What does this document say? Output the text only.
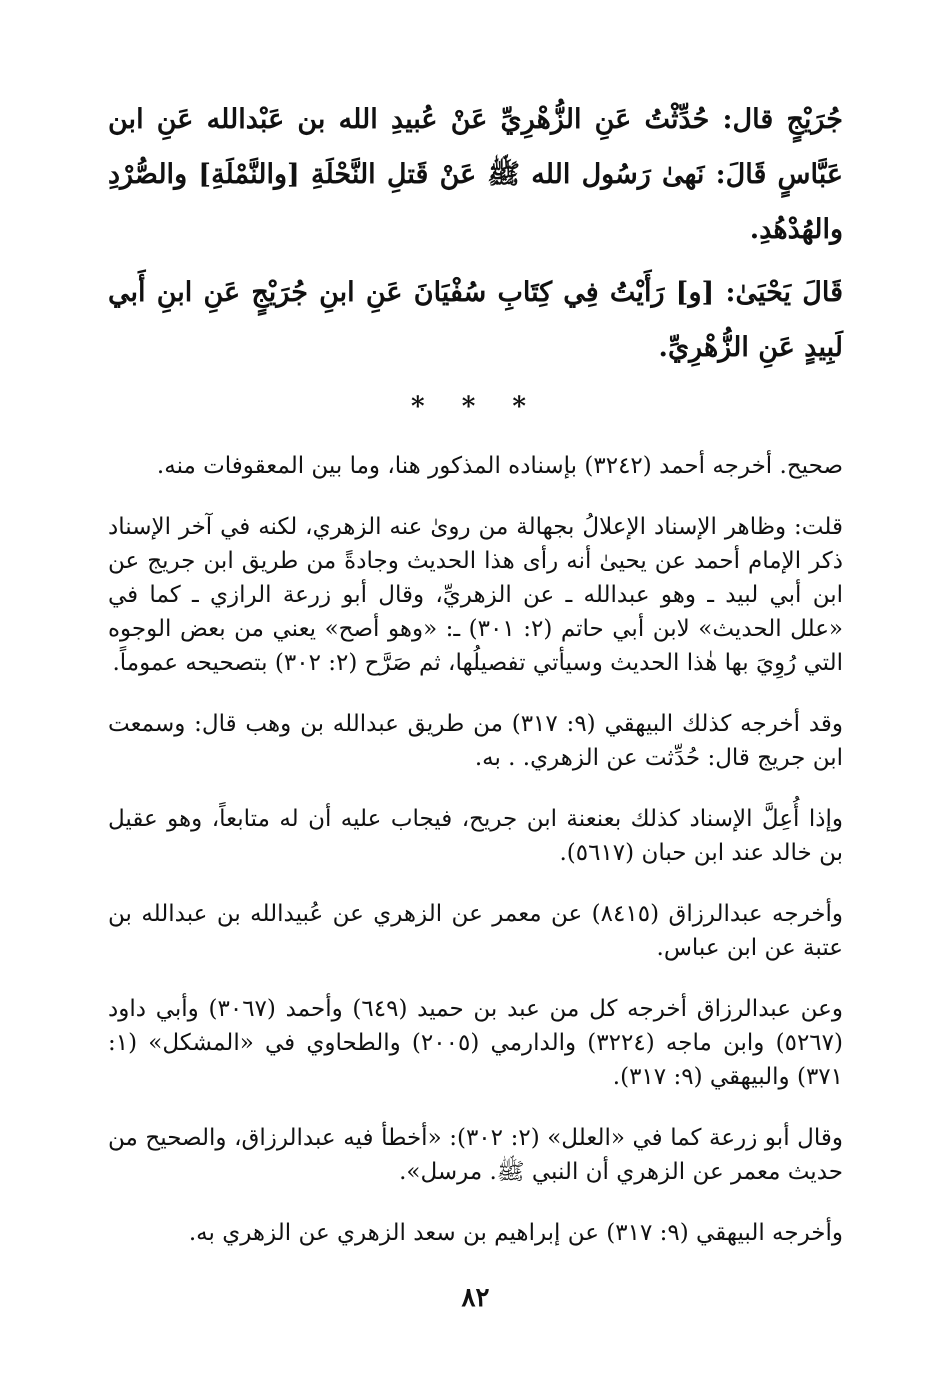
جُرَيْجٍ قال: حُدِّثْتُ عَنِ الزُّهْرِيِّ عَنْ عُبيدِ الله بن عَبْدالله عَنِ ابن عَبَّاسٍ قَالَ: نَهىٰ رَسُول الله ﷺ عَنْ قَتلِ النَّحْلَةِ [والنَّمْلَةِ] والصُّرْدِ والهُدْهُدِ.

قَالَ يَحْيَىٰ: [و] رَأَيْتُ فِي كِتَابِ سُفْيَانَ عَنِ ابنِ جُرَيْجٍ عَنِ ابنِ أَبي لَبِيدٍ عَنِ الزُّهْرِيِّ.

* * *

صحيح. أخرجه أحمد (٣٢٤٢) بإسناده المذكور هنا، وما بين المعقوفات منه.

قلت: وظاهر الإسناد الإعلالُ بجهالة من روىٰ عنه الزهري، لكنه في آخر الإسناد ذكر الإمام أحمد عن يحيىٰ أنه رأى هذا الحديث وجادةً من طريق ابن جريج عن ابن أبي لبيد ـ وهو عبدالله ـ عن الزهريِّ، وقال أبو زرعة الرازي ـ كما في «علل الحديث» لابن أبي حاتم (٢: ٣٠١) ـ: «وهو أصح» يعني من بعض الوجوه التي رُوِيَ بها هٰذا الحديث وسيأتي تفصيلُها، ثم صَرَّح (٢: ٣٠٢) بتصحيحه عموماً.

وقد أخرجه كذلك البيهقي (٩: ٣١٧) من طريق عبدالله بن وهب قال: وسمعت ابن جريج قال: حُدِّثت عن الزهري. . به.

وإذا أُعِلَّ الإسناد كذلك بعنعنة ابن جريح، فيجاب عليه أن له متابعاً، وهو عقيل بن خالد عند ابن حبان (٥٦١٧).

وأخرجه عبدالرزاق (٨٤١٥) عن معمر عن الزهري عن عُبيدالله بن عبدالله بن عتبة عن ابن عباس.

وعن عبدالرزاق أخرجه كل من عبد بن حميد (٦٤٩) وأحمد (٣٠٦٧) وأبي داود (٥٢٦٧) وابن ماجه (٣٢٢٤) والدارمي (٢٠٠٥) والطحاوي في «المشكل» (١: ٣٧١) والبيهقي (٩: ٣١٧).

وقال أبو زرعة كما في «العلل» (٢: ٣٠٢): «أخطأ فيه عبدالرزاق، والصحيح من حديث معمر عن الزهري أن النبي ﷺ. مرسل».

وأخرجه البيهقي (٩: ٣١٧) عن إبراهيم بن سعد الزهري عن الزهري به.

٨٢
